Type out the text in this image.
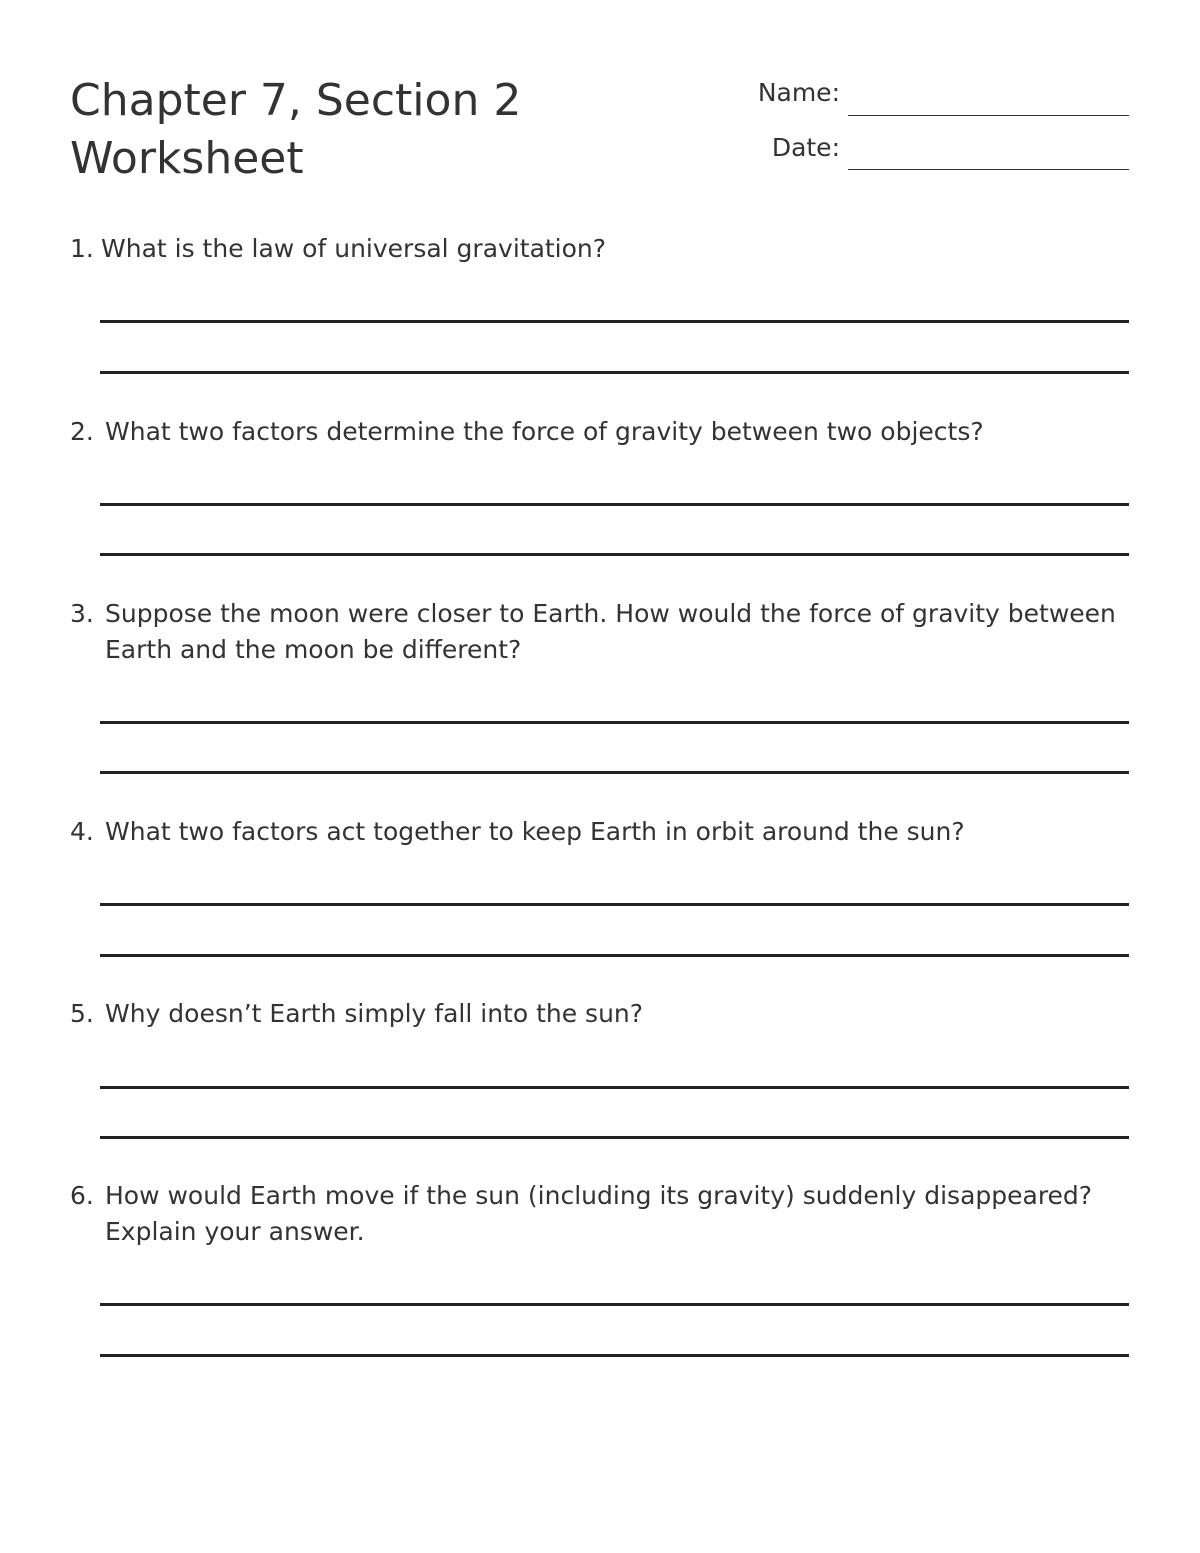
Chapter 7, Section 2
Worksheet
Name:
Date:
1. What is the law of universal gravitation?
2. What two factors determine the force of gravity between two objects?
3. Suppose the moon were closer to Earth. How would the force of gravity between Earth and the moon be different?
4. What two factors act together to keep Earth in orbit around the sun?
5. Why doesn’t Earth simply fall into the sun?
6. How would Earth move if the sun (including its gravity) suddenly disappeared? Explain your answer.
